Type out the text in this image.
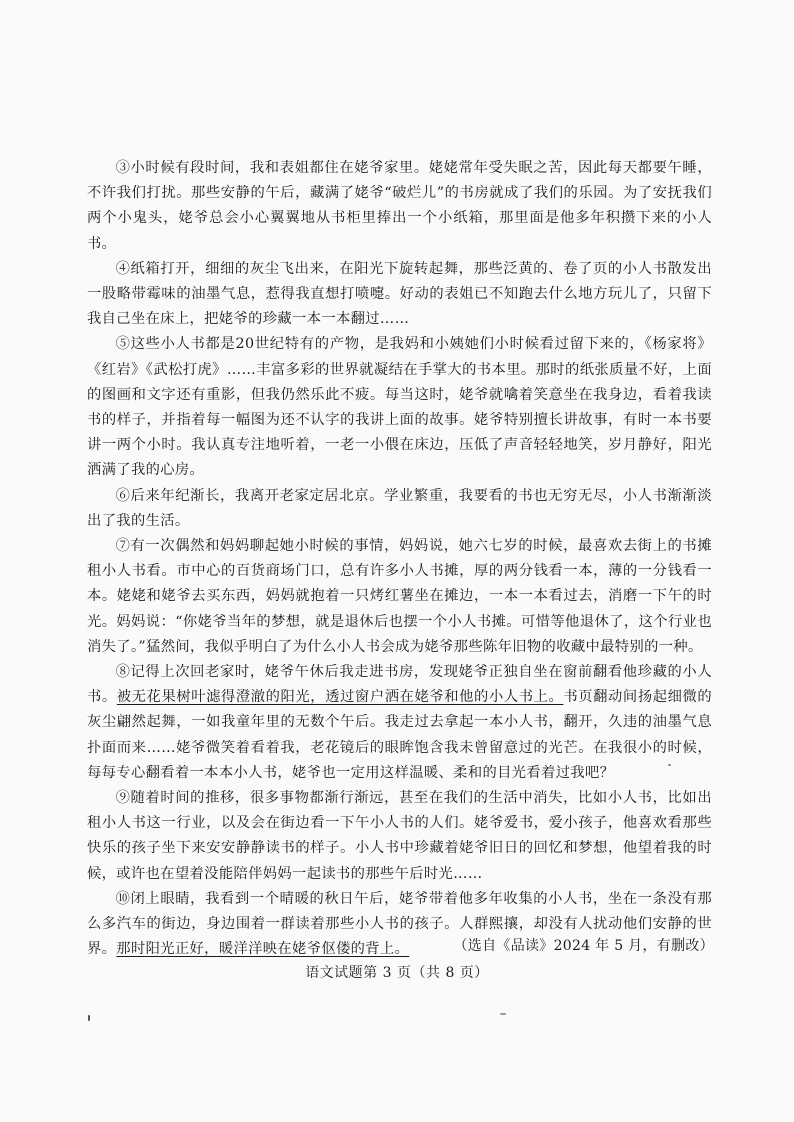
③小时候有段时间，我和表姐都住在姥爷家里。姥姥常年受失眠之苦，因此每天都要午睡，不许我们打扰。那些安静的午后，藏满了姥爷“破烂儿”的书房就成了我们的乐园。为了安抚我们两个小鬼头，姥爷总会小心翼翼地从书柜里捧出一个小纸箱，那里面是他多年积攒下来的小人书。

④纸箱打开，细细的灰尘飞出来，在阳光下旋转起舞，那些泛黄的、卷了页的小人书散发出一股略带霉味的油墨气息，惹得我直想打喷嚏。好动的表姐已不知跑去什么地方玩儿了，只留下我自己坐在床上，把姥爷的珍藏一本一本翻过……

⑤这些小人书都是20世纪特有的产物，是我妈和小姨她们小时候看过留下来的，《杨家将》《红岩》《武松打虎》……丰富多彩的世界就凝结在手掌大的书本里。那时的纸张质量不好，上面的图画和文字还有重影，但我仍然乐此不疲。每当这时，姥爷就噙着笑意坐在我身边，看着我读书的样子，并指着每一幅图为还不认字的我讲上面的故事。姥爷特别擅长讲故事，有时一本书要讲一两个小时。我认真专注地听着，一老一小偎在床边，压低了声音轻轻地笑，岁月静好，阳光洒满了我的心房。

⑥后来年纪渐长，我离开老家定居北京。学业繁重，我要看的书也无穷无尽，小人书渐渐淡出了我的生活。

⑦有一次偶然和妈妈聊起她小时候的事情，妈妈说，她六七岁的时候，最喜欢去街上的书摊租小人书看。市中心的百货商场门口，总有许多小人书摊，厚的两分钱看一本，薄的一分钱看一本。姥姥和姥爷去买东西，妈妈就抱着一只烤红薯坐在摊边，一本一本看过去，消磨一下午的时光。妈妈说：“你姥爷当年的梦想，就是退休后也摆一个小人书摊。可惜等他退休了，这个行业也消失了。”猛然间，我似乎明白了为什么小人书会成为姥爷那些陈年旧物的收藏中最特别的一种。

⑧记得上次回老家时，姥爷午休后我走进书房，发现姥爷正独自坐在窗前翻看他珍藏的小人书。被无花果树叶滤得澄澈的阳光，透过窗户洒在姥爷和他的小人书上。书页翻动间扬起细微的灰尘翩然起舞，一如我童年里的无数个午后。我走过去拿起一本小人书，翻开，久违的油墨气息扑面而来……姥爷微笑着看着我，老花镜后的眼眸饱含我未曾留意过的光芒。在我很小的时候，每每专心翻看着一本本小人书，姥爷也一定用这样温暖、柔和的目光看着过我吧？

⑨随着时间的推移，很多事物都渐行渐远，甚至在我们的生活中消失，比如小人书，比如出租小人书这一行业，以及会在街边看一下午小人书的人们。姥爷爱书，爱小孩子，他喜欢看那些快乐的孩子坐下来安安静静读书的样子。小人书中珍藏着姥爷旧日的回忆和梦想，他望着我的时候，或许也在望着没能陪伴妈妈一起读书的那些午后时光……

⑩闭上眼睛，我看到一个晴暖的秋日午后，姥爷带着他多年收集的小人书，坐在一条没有那么多汽车的街边，身边围着一群读着那些小人书的孩子。人群熙攘，却没有人扰动他们安静的世界。那时阳光正好，暖洋洋映在姥爷伛偻的背上。	（选自《品读》2024 年 5 月，有删改）

语文试题第 3 页（共 8 页）
